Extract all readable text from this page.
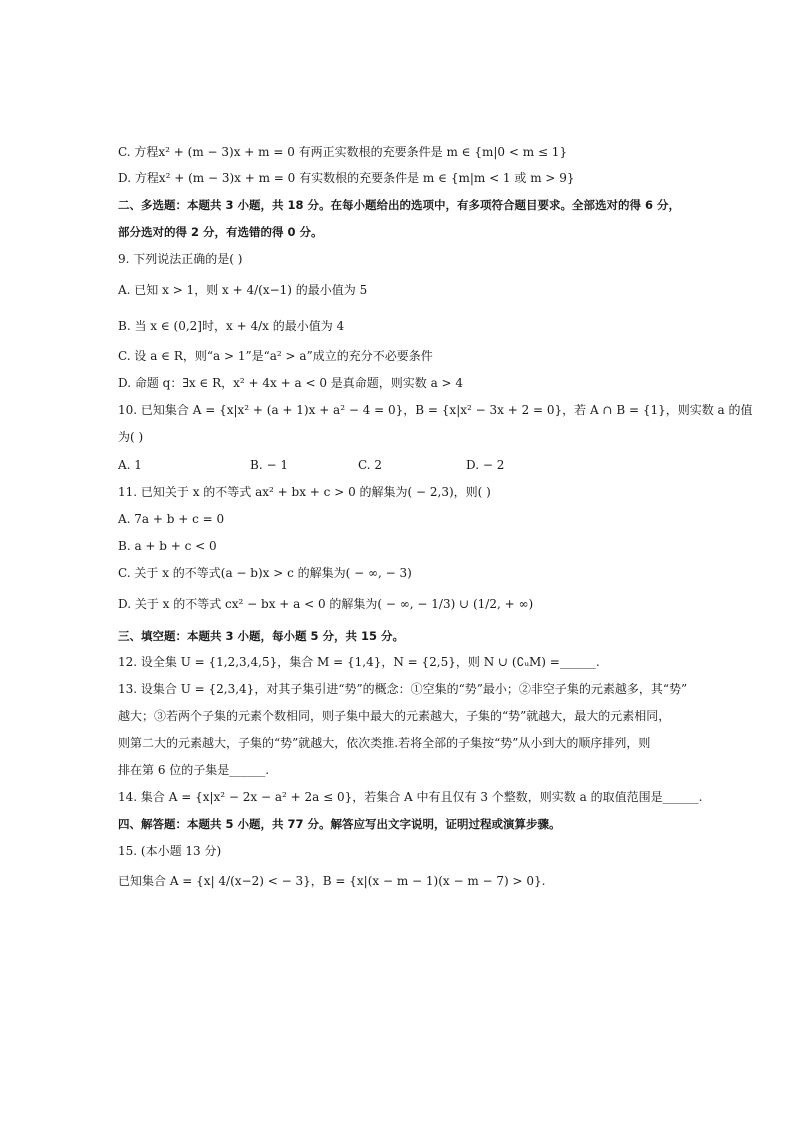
C. 方程x² + (m − 3)x + m = 0 有两正实数根的充要条件是 m ∈ {m|0 < m ≤ 1}
D. 方程x² + (m − 3)x + m = 0 有实数根的充要条件是 m ∈ {m|m < 1 或 m > 9}
二、多选题：本题共 3 小题，共 18 分。在每小题给出的选项中，有多项符合题目要求。全部选对的得 6 分，
部分选对的得 2 分，有选错的得 0 分。
9. 下列说法正确的是( )
A. 已知 x > 1，则 x + 4/(x−1) 的最小值为 5
B. 当 x ∈ (0,2]时，x + 4/x 的最小值为 4
C. 设 a ∈ R，则“a > 1”是“a² > a”成立的充分不必要条件
D. 命题 q：∃x ∈ R，x² + 4x + a < 0 是真命题，则实数 a > 4
10. 已知集合 A = {x|x² + (a + 1)x + a² − 4 = 0}，B = {x|x² − 3x + 2 = 0}，若 A ∩ B = {1}，则实数 a 的值
为( )
A. 1	B. − 1	C. 2	D. − 2
11. 已知关于 x 的不等式 ax² + bx + c > 0 的解集为( − 2,3)，则( )
A. 7a + b + c = 0
B. a + b + c < 0
C. 关于 x 的不等式(a − b)x > c 的解集为( − ∞, − 3)
D. 关于 x 的不等式 cx² − bx + a < 0 的解集为( − ∞, − 1/3) ∪ (1/2, + ∞)
三、填空题：本题共 3 小题，每小题 5 分，共 15 分。
12. 设全集 U = {1,2,3,4,5}，集合 M = {1,4}，N = {2,5}，则 N ∪ (∁ᵤM) =______.
13. 设集合 U = {2,3,4}，对其子集引进“势”的概念：①空集的“势”最小；②非空子集的元素越多，其“势”
越大；③若两个子集的元素个数相同，则子集中最大的元素越大，子集的“势”就越大，最大的元素相同，
则第二大的元素越大，子集的“势”就越大，依次类推.若将全部的子集按“势”从小到大的顺序排列，则
排在第 6 位的子集是______.
14. 集合 A = {x|x² − 2x − a² + 2a ≤ 0}，若集合 A 中有且仅有 3 个整数，则实数 a 的取值范围是______.
四、解答题：本题共 5 小题，共 77 分。解答应写出文字说明，证明过程或演算步骤。
15. (本小题 13 分)
已知集合 A = {x| 4/(x−2) < − 3}，B = {x|(x − m − 1)(x − m − 7) > 0}.
